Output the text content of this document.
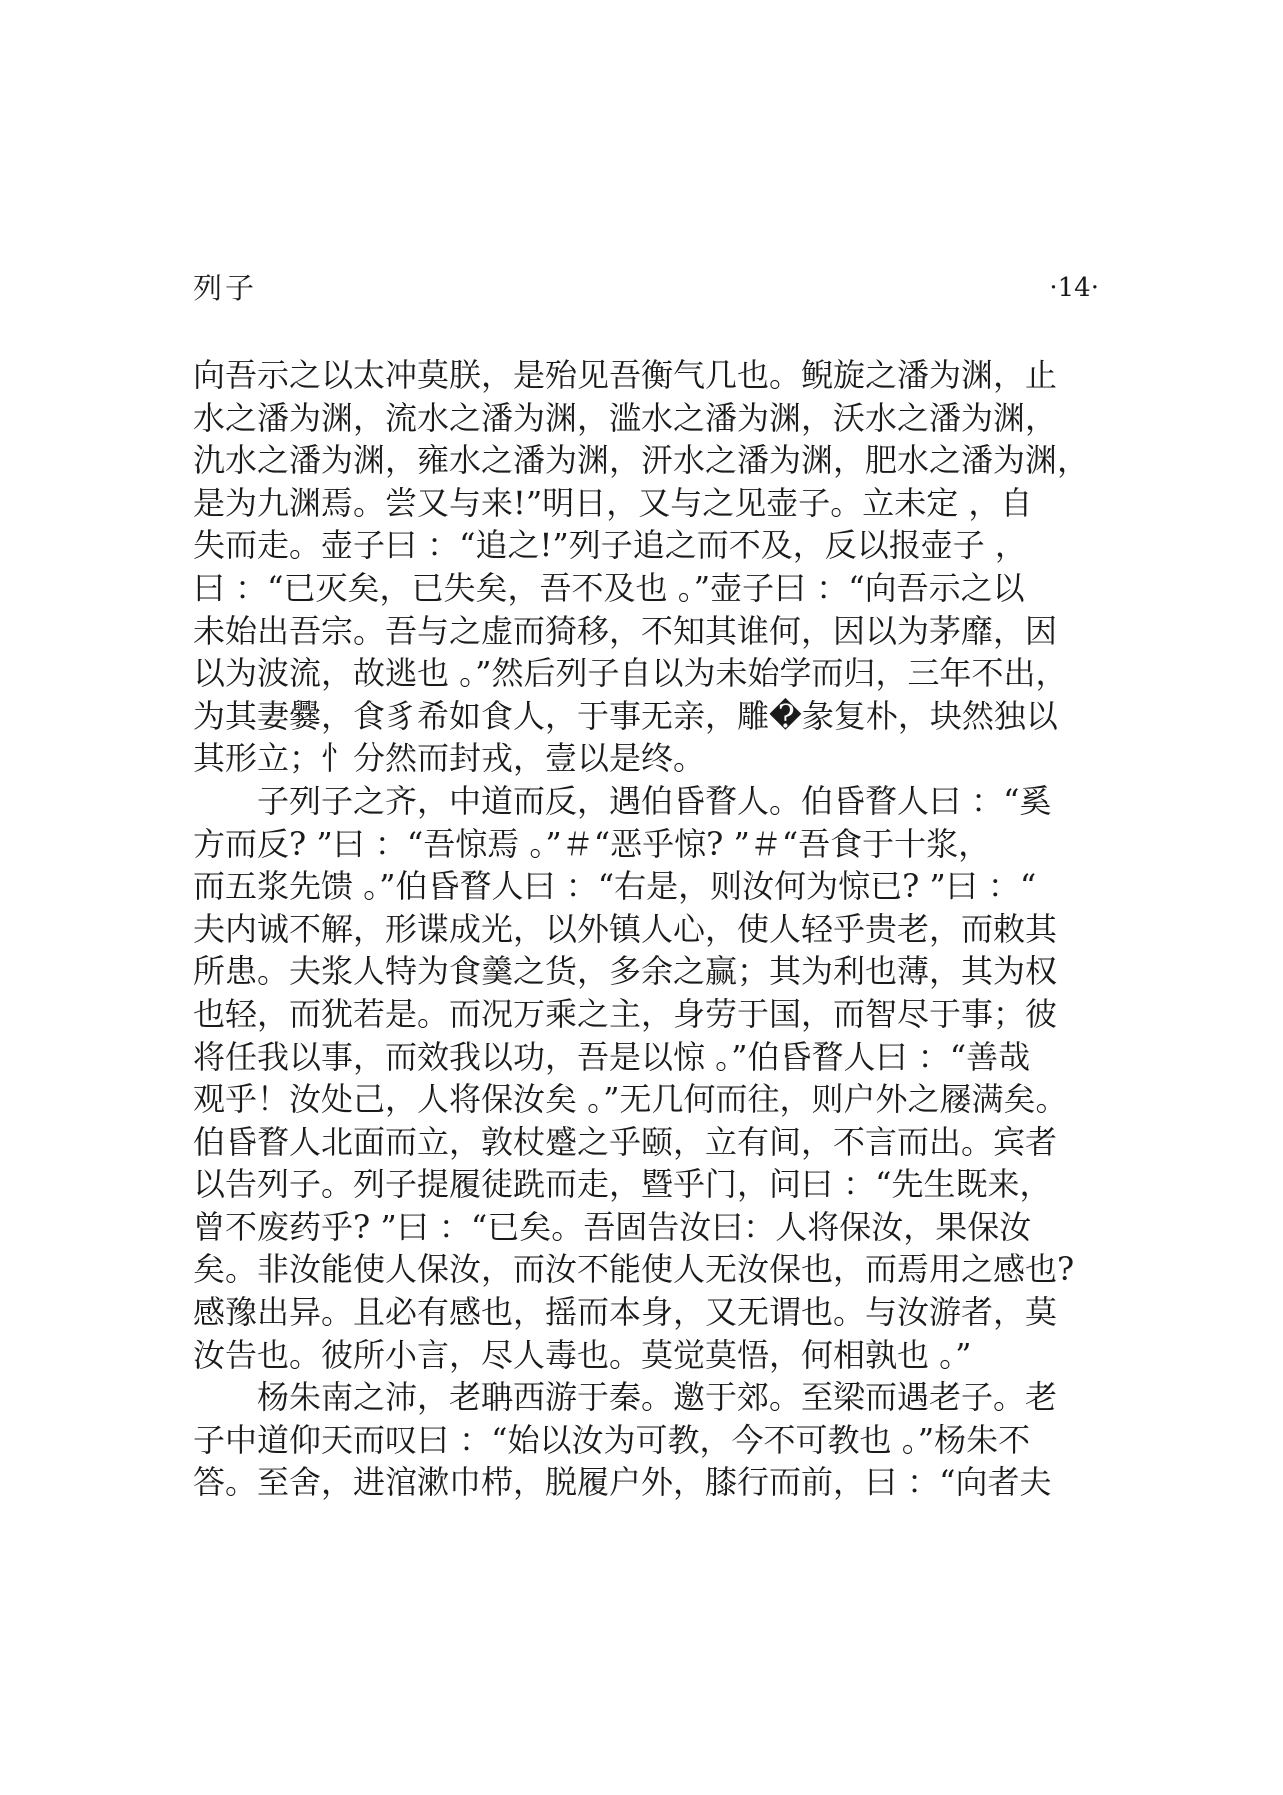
列子	·14·
向吾示之以太冲莫朕，是殆见吾衡气几也。鲵旋之潘为渊，止
水之潘为渊，流水之潘为渊，滥水之潘为渊，沃水之潘为渊，
氿水之潘为渊，雍水之潘为渊，汧水之潘为渊，肥水之潘为渊，
是为九渊焉。尝又与来!”明日，又与之见壶子。立未定 ，自
失而走。壶子曰 ：“追之!”列子追之而不及，反以报壶子 ，
曰 ：“已灭矣，已失矣，吾不及也 。”壶子曰 ：“向吾示之以
未始出吾宗。吾与之虚而猗移，不知其谁何，因以为茅靡，因
以为波流，故逃也 。”然后列子自以为未始学而归，三年不出，
为其妻爨，食豸希如食人，于事无亲，雕�彖复朴，块然独以
其形立；忄分然而封戎，壹以是终。
子列子之齐，中道而反，遇伯昏瞀人。伯昏瞀人曰 ：“奚
方而反? ”曰 ：“吾惊焉 。”＃“恶乎惊? ”＃“吾食于十浆，
而五浆先馈 。”伯昏瞀人曰 ：“右是，则汝何为惊已? ”曰 ：“
夫内诚不解，形谍成光，以外镇人心，使人轻乎贵老，而敕其
所患。夫浆人特为食羹之货，多余之赢；其为利也薄，其为权
也轻，而犹若是。而况万乘之主，身劳于国，而智尽于事；彼
将任我以事，而效我以功，吾是以惊 。”伯昏瞀人曰 ：“善哉
观乎！汝处己，人将保汝矣 。”无几何而往，则户外之屦满矣。
伯昏瞀人北面而立，敦杖蹙之乎颐，立有间，不言而出。宾者
以告列子。列子提履徒跣而走，暨乎门，问曰 ：“先生既来，
曾不废药乎? ”曰 ：“已矣。吾固告汝曰：人将保汝，果保汝
矣。非汝能使人保汝，而汝不能使人无汝保也，而焉用之感也?
感豫出异。且必有感也，摇而本身，又无谓也。与汝游者，莫
汝告也。彼所小言，尽人毒也。莫觉莫悟，何相孰也 。”
杨朱南之沛，老聃西游于秦。邀于郊。至梁而遇老子。老
子中道仰天而叹曰 ：“始以汝为可教，今不可教也 。”杨朱不
答。至舍，进涫漱巾栉，脱履户外，膝行而前，曰 ：“向者夫
